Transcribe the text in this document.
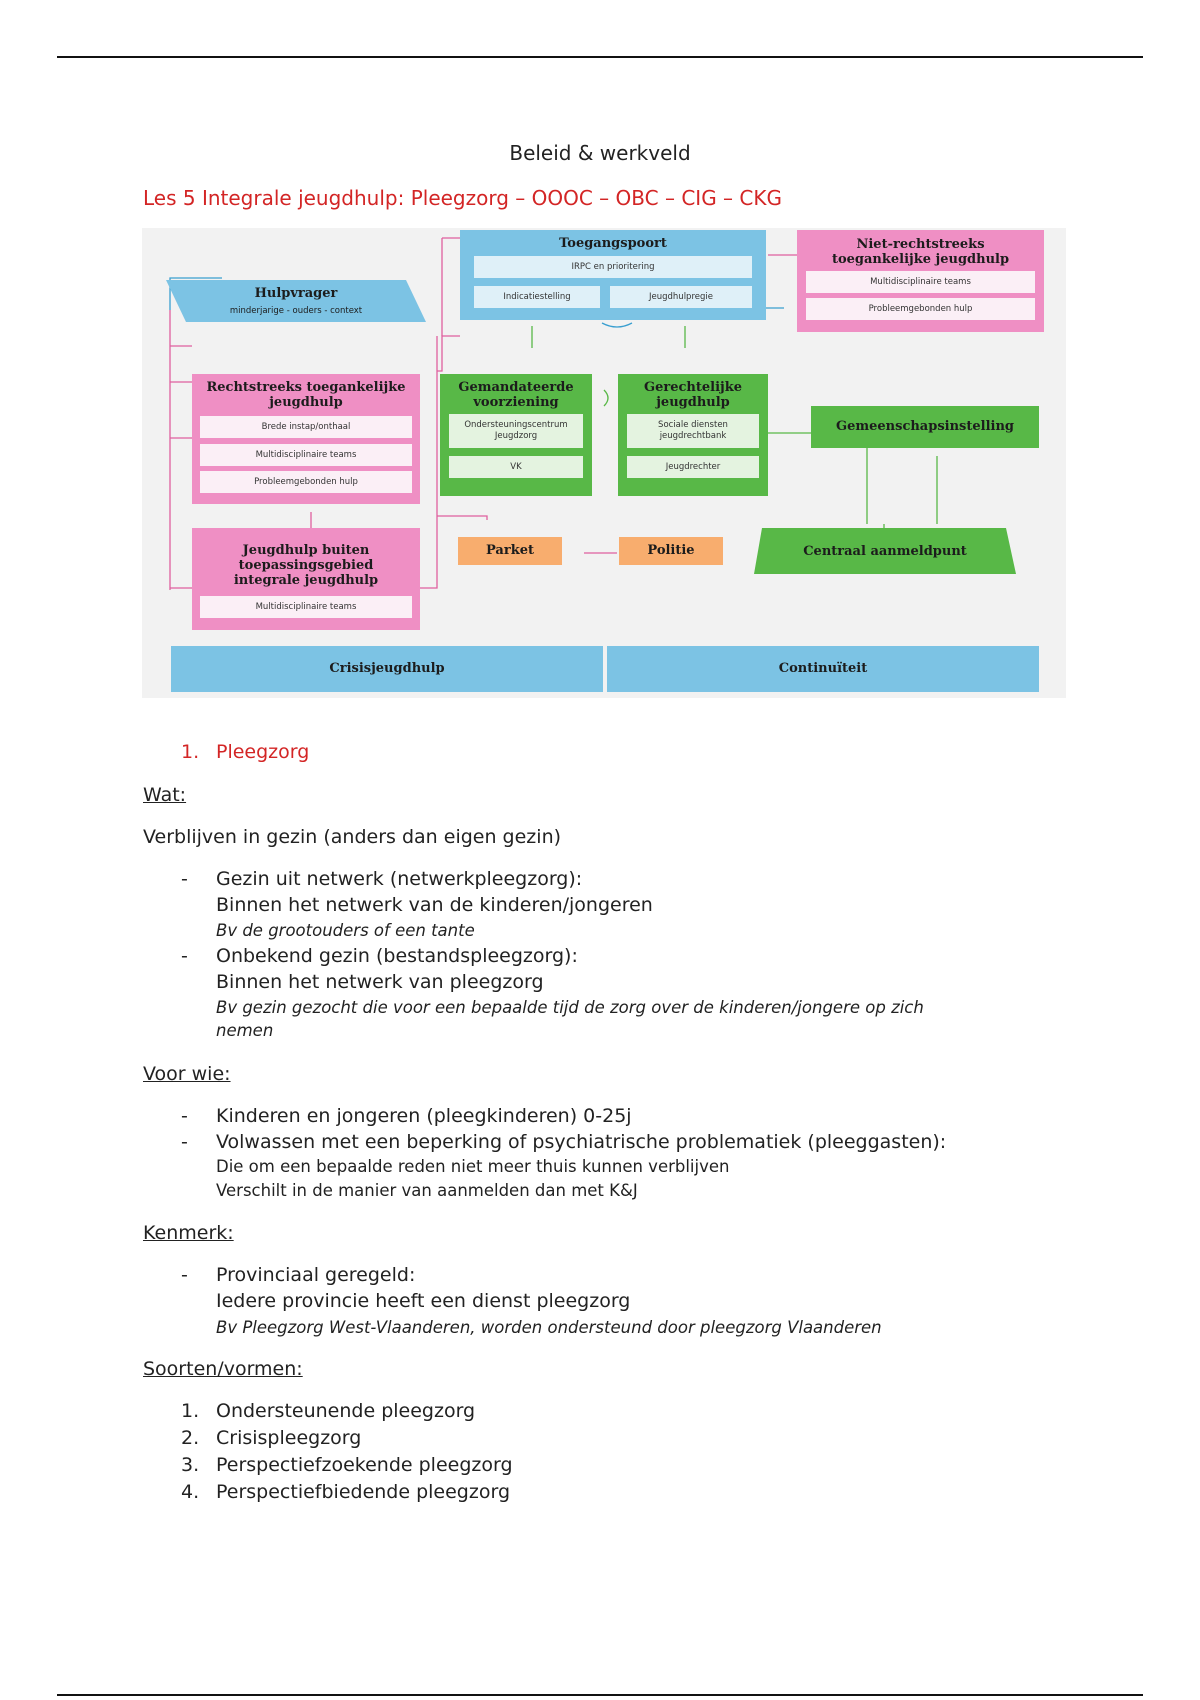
Beleid & werkveld
Les 5 Integrale jeugdhulp: Pleegzorg – OOOC – OBC – CIG – CKG
Toegangspoort
IRPC en prioritering
Indicatiestelling	Jeugdhulpregie
Niet-rechtstreeks
toegankelijke jeugdhulp
Multidisciplinaire teams
Probleemgebonden hulp
Hulpvrager
minderjarige - ouders - context
Rechtstreeks toegankelijke
jeugdhulp
Brede instap/onthaal
Multidisciplinaire teams
Probleemgebonden hulp
Gemandateerde
voorziening
Ondersteuningscentrum
Jeugdzorg
VK
Gerechtelijke
jeugdhulp
Sociale diensten
jeugdrechtbank
Jeugdrechter
Gemeenschapsinstelling
Jeugdhulp buiten
toepassingsgebied
integrale jeugdhulp
Multidisciplinaire teams
Parket	Politie	Centraal aanmeldpunt
Crisisjeugdhulp	Continuïteit
1. Pleegzorg
Wat:
Verblijven in gezin (anders dan eigen gezin)
- Gezin uit netwerk (netwerkpleegzorg):
Binnen het netwerk van de kinderen/jongeren
Bv de grootouders of een tante
- Onbekend gezin (bestandspleegzorg):
Binnen het netwerk van pleegzorg
Bv gezin gezocht die voor een bepaalde tijd de zorg over de kinderen/jongere op zich
nemen
Voor wie:
- Kinderen en jongeren (pleegkinderen) 0-25j
- Volwassen met een beperking of psychiatrische problematiek (pleeggasten):
Die om een bepaalde reden niet meer thuis kunnen verblijven
Verschilt in de manier van aanmelden dan met K&J
Kenmerk:
- Provinciaal geregeld:
Iedere provincie heeft een dienst pleegzorg
Bv Pleegzorg West-Vlaanderen, worden ondersteund door pleegzorg Vlaanderen
Soorten/vormen:
1. Ondersteunende pleegzorg
2. Crisispleegzorg
3. Perspectiefzoekende pleegzorg
4. Perspectiefbiedende pleegzorg
